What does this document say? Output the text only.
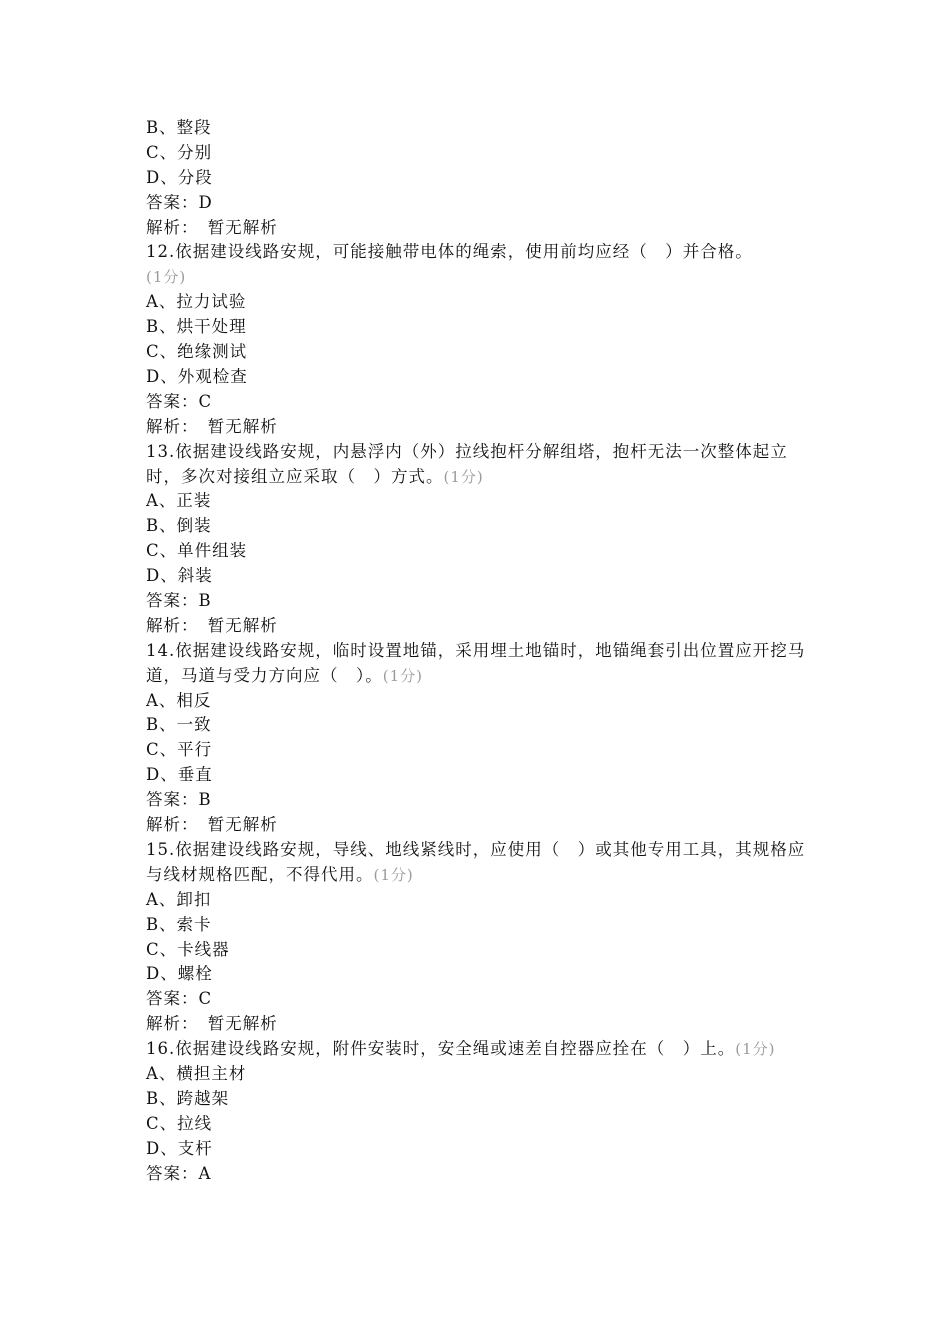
B、整段
C、分别
D、分段
答案：D
解析：　暂无解析
12.依据建设线路安规，可能接触带电体的绳索，使用前均应经（　）并合格。
(1分)
A、拉力试验
B、烘干处理
C、绝缘测试
D、外观检查
答案：C
解析：　暂无解析
13.依据建设线路安规，内悬浮内（外）拉线抱杆分解组塔，抱杆无法一次整体起立时，多次对接组立应采取（　）方式。(1分)
A、正装
B、倒装
C、单件组装
D、斜装
答案：B
解析：　暂无解析
14.依据建设线路安规，临时设置地锚，采用埋土地锚时，地锚绳套引出位置应开挖马道，马道与受力方向应（　）。(1分)
A、相反
B、一致
C、平行
D、垂直
答案：B
解析：　暂无解析
15.依据建设线路安规，导线、地线紧线时，应使用（　）或其他专用工具，其规格应与线材规格匹配，不得代用。(1分)
A、卸扣
B、索卡
C、卡线器
D、螺栓
答案：C
解析：　暂无解析
16.依据建设线路安规，附件安装时，安全绳或速差自控器应拴在（　）上。(1分)
A、横担主材
B、跨越架
C、拉线
D、支杆
答案：A
